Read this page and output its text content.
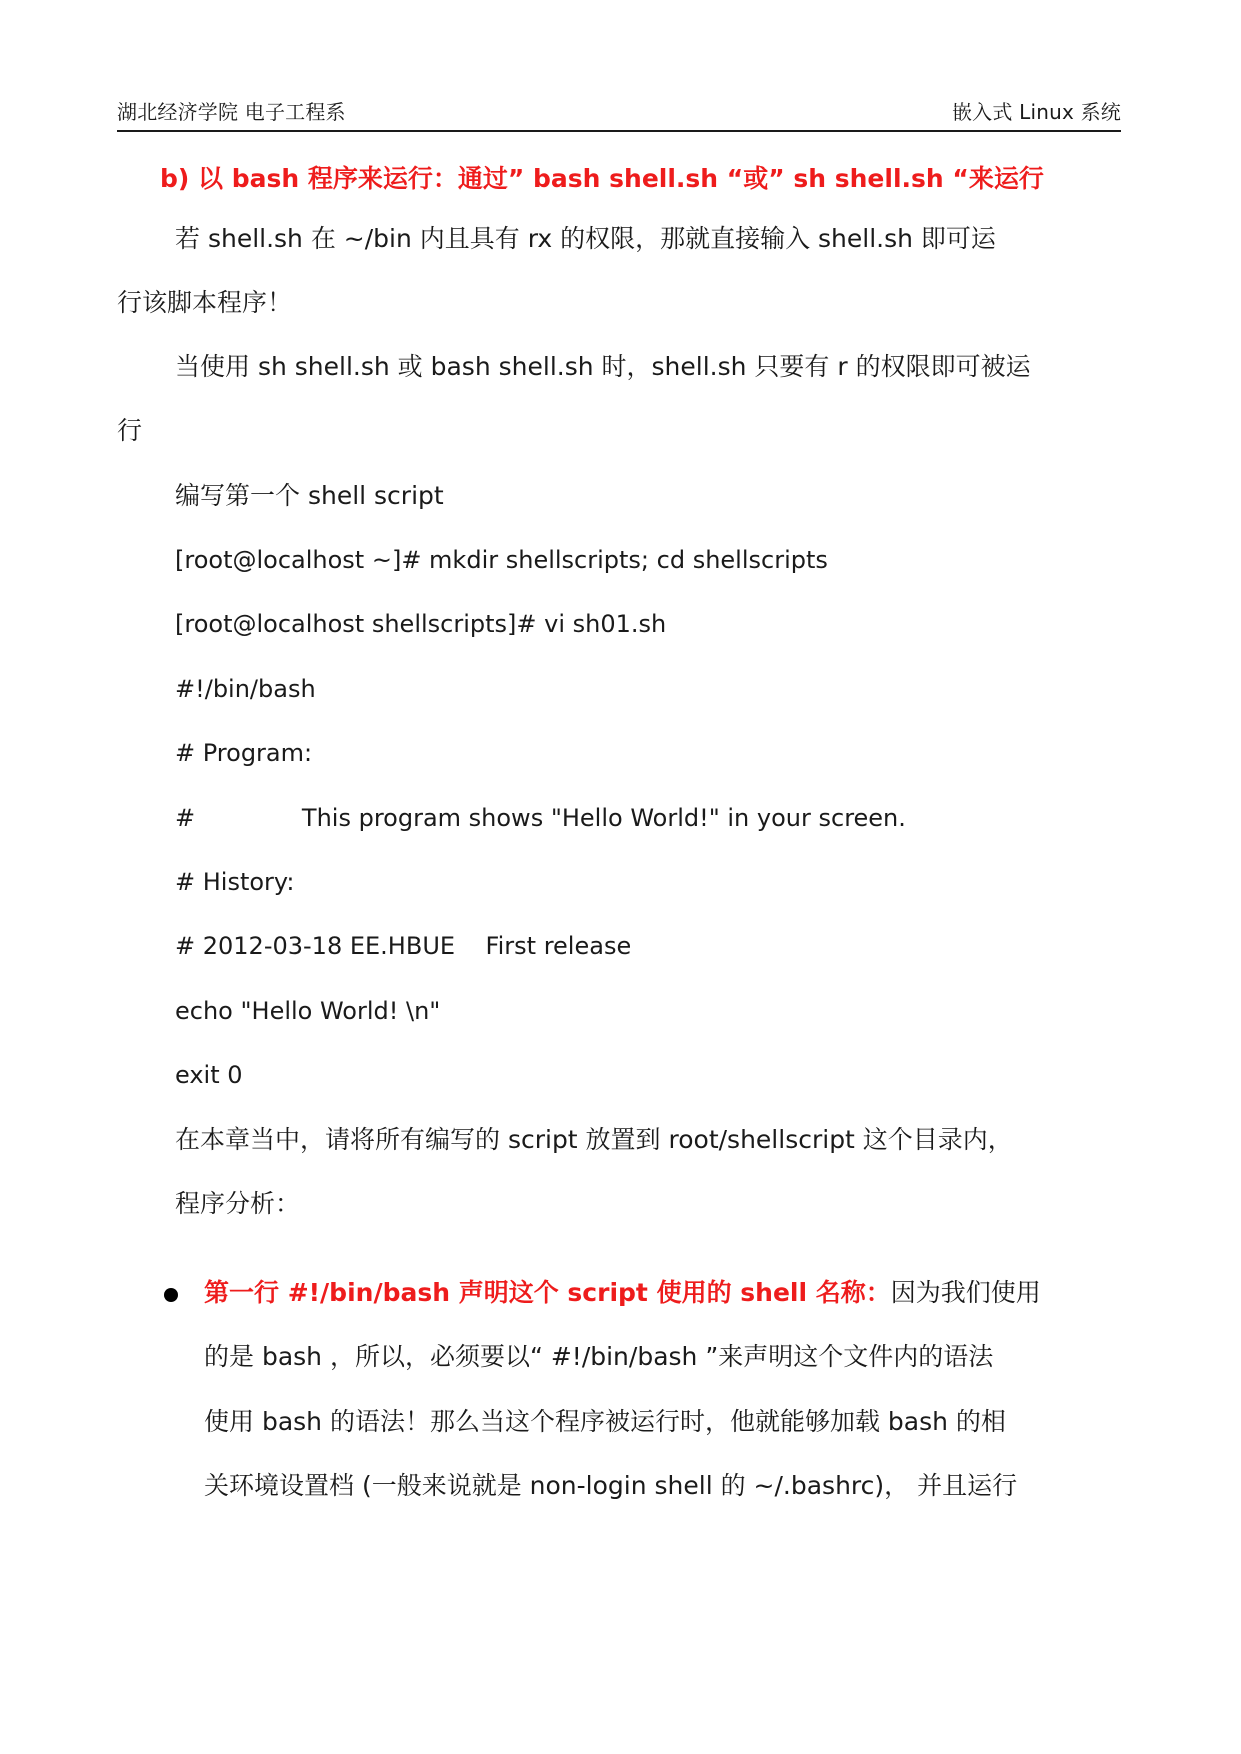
湖北经济学院 电子工程系	嵌入式 Linux 系统
b) 以 bash 程序来运行：通过” bash shell.sh “或” sh shell.sh “来运行
若 shell.sh 在 ~/bin 内且具有 rx 的权限，那就直接输入 shell.sh 即可运
行该脚本程序！
当使用 sh shell.sh 或 bash shell.sh 时，shell.sh 只要有 r 的权限即可被运
行
编写第一个 shell script
[root@localhost ~]# mkdir shellscripts; cd shellscripts
[root@localhost shellscripts]# vi sh01.sh
#!/bin/bash
# Program:
#              This program shows "Hello World!" in your screen.
# History:
# 2012-03-18 EE.HBUE    First release
echo "Hello World! \n"
exit 0
在本章当中，请将所有编写的 script 放置到 root/shellscript 这个目录内，
程序分析：
第一行 #!/bin/bash 声明这个 script 使用的 shell 名称：因为我们使用
的是 bash ，所以，必须要以“ #!/bin/bash ”来声明这个文件内的语法
使用 bash 的语法！那么当这个程序被运行时，他就能够加载 bash 的相
关环境设置档 (一般来说就是 non-login shell 的 ~/.bashrc)， 并且运行
